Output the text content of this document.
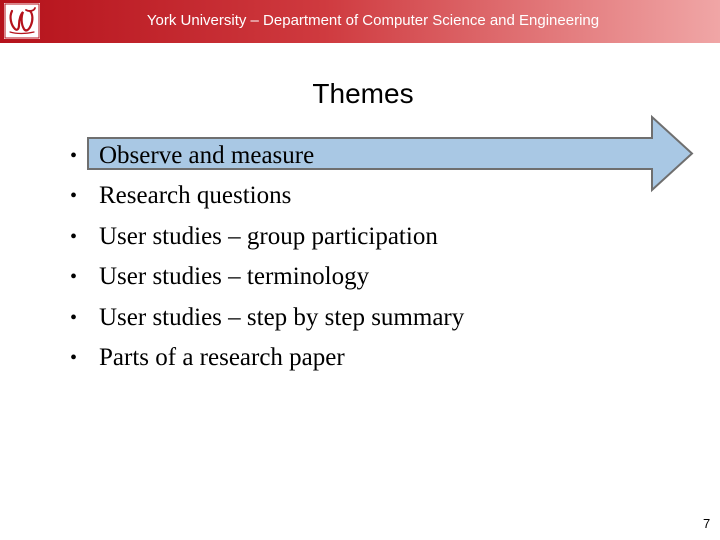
York University – Department of Computer Science and Engineering
Themes
• Observe and measure
• Research questions
• User studies – group participation
• User studies – terminology
• User studies – step by step summary
• Parts of a research paper
7
